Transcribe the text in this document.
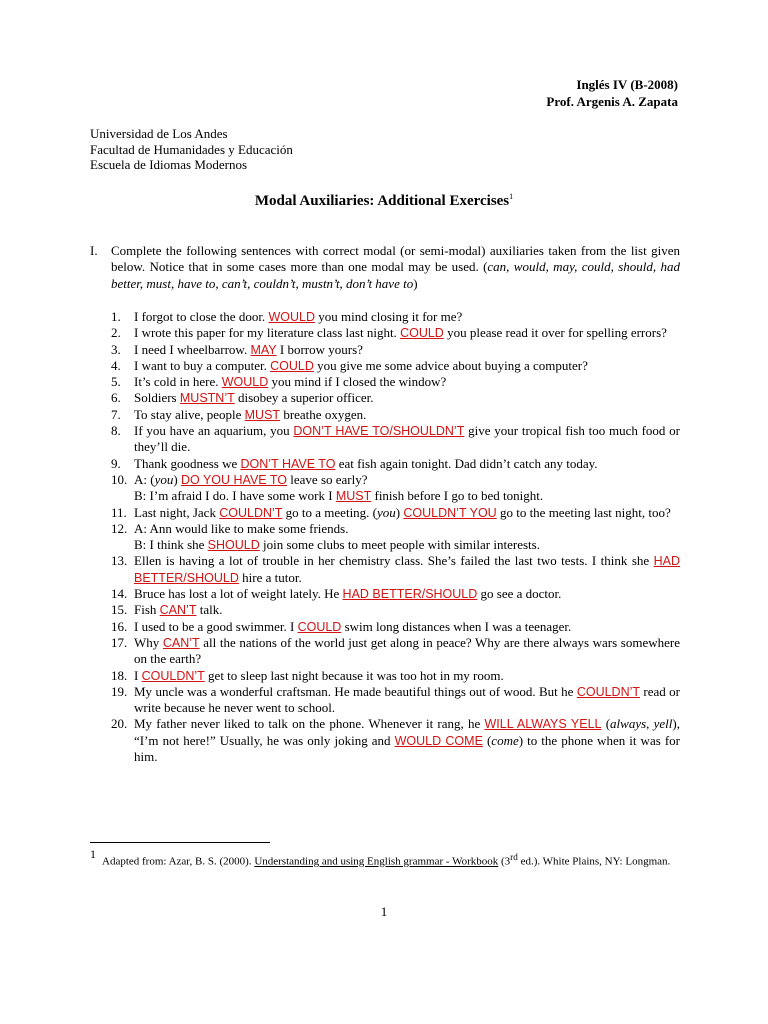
Inglés IV (B-2008)
Prof. Argenis A. Zapata
Universidad de Los Andes
Facultad de Humanidades y Educación
Escuela de Idiomas Modernos
Modal Auxiliaries: Additional Exercises$^1$
I. Complete the following sentences with correct modal (or semi-modal) auxiliaries taken from the list given below. Notice that in some cases more than one modal may be used. (can, would, may, could, should, had better, must, have to, can’t, couldn’t, mustn’t, don’t have to)
1. I forgot to close the door. WOULD you mind closing it for me?
2. I wrote this paper for my literature class last night. COULD you please read it over for spelling errors?
3. I need I wheelbarrow. MAY I borrow yours?
4. I want to buy a computer. COULD you give me some advice about buying a computer?
5. It’s cold in here. WOULD you mind if I closed the window?
6. Soldiers MUSTN’T disobey a superior officer.
7. To stay alive, people MUST breathe oxygen.
8. If you have an aquarium, you DON’T HAVE TO/SHOULDN’T give your tropical fish too much food or they’ll die.
9. Thank goodness we DON’T HAVE TO eat fish again tonight. Dad didn’t catch any today.
10. A: (you) DO YOU HAVE TO leave so early?
B: I’m afraid I do. I have some work I MUST finish before I go to bed tonight.
11. Last night, Jack COULDN’T go to a meeting. (you) COULDN’T YOU go to the meeting last night, too?
12. A: Ann would like to make some friends.
B: I think she SHOULD join some clubs to meet people with similar interests.
13. Ellen is having a lot of trouble in her chemistry class. She’s failed the last two tests. I think she HAD BETTER/SHOULD hire a tutor.
14. Bruce has lost a lot of weight lately. He HAD BETTER/SHOULD go see a doctor.
15. Fish CAN’T talk.
16. I used to be a good swimmer. I COULD swim long distances when I was a teenager.
17. Why CAN’T all the nations of the world just get along in peace? Why are there always wars somewhere on the earth?
18. I COULDN’T get to sleep last night because it was too hot in my room.
19. My uncle was a wonderful craftsman. He made beautiful things out of wood. But he COULDN’T read or write because he never went to school.
20. My father never liked to talk on the phone. Whenever it rang, he WILL ALWAYS YELL (always, yell), “I’m not here!” Usually, he was only joking and WOULD COME (come) to the phone when it was for him.
1
Adapted from: Azar, B. S. (2000). Understanding and using English grammar - Workbook (3rd ed.). White Plains, NY: Longman.
1
